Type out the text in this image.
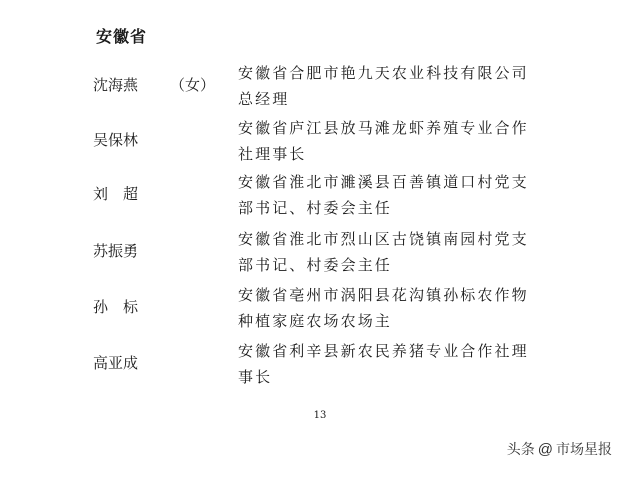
安徽省
沈海燕 （女）
安徽省合肥市艳九天农业科技有限公司
总经理
吴保林
安徽省庐江县放马滩龙虾养殖专业合作
社理事长
刘　超
安徽省淮北市濉溪县百善镇道口村党支
部书记、村委会主任
苏振勇
安徽省淮北市烈山区古饶镇南园村党支
部书记、村委会主任
孙　标
安徽省亳州市涡阳县花沟镇孙标农作物
种植家庭农场农场主
高亚成
安徽省利辛县新农民养猪专业合作社理
事长
13
头条 @ 市场星报
